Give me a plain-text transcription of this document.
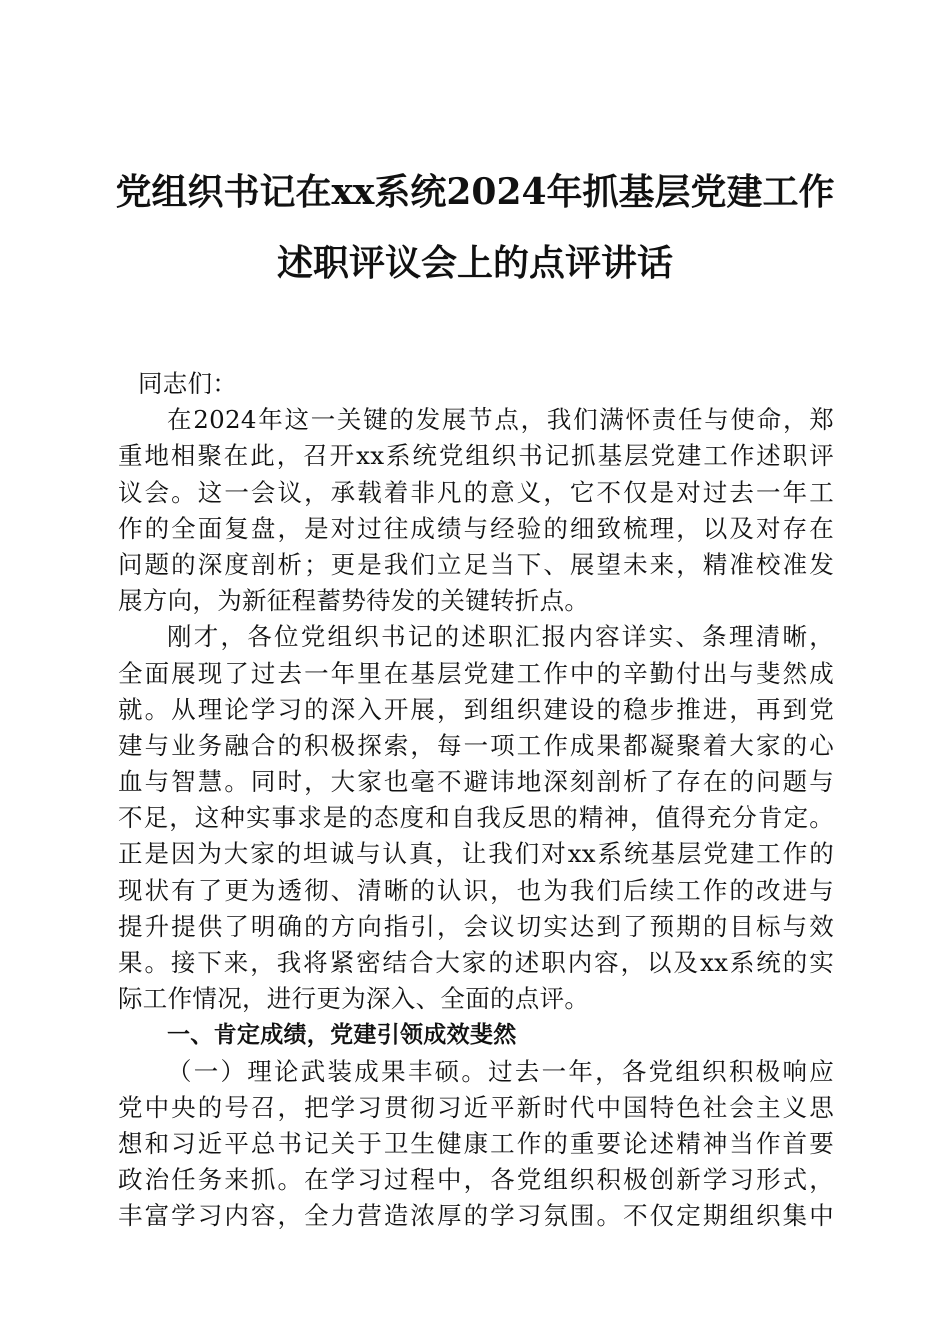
党组织书记在xx系统2024年抓基层党建工作
述职评议会上的点评讲话
同志们：
在2024年这一关键的发展节点，我们满怀责任与使命，郑
重地相聚在此，召开xx系统党组织书记抓基层党建工作述职评
议会。这一会议，承载着非凡的意义，它不仅是对过去一年工
作的全面复盘，是对过往成绩与经验的细致梳理，以及对存在
问题的深度剖析；更是我们立足当下、展望未来，精准校准发
展方向，为新征程蓄势待发的关键转折点。
刚才，各位党组织书记的述职汇报内容详实、条理清晰，
全面展现了过去一年里在基层党建工作中的辛勤付出与斐然成
就。从理论学习的深入开展，到组织建设的稳步推进，再到党
建与业务融合的积极探索，每一项工作成果都凝聚着大家的心
血与智慧。同时，大家也毫不避讳地深刻剖析了存在的问题与
不足，这种实事求是的态度和自我反思的精神，值得充分肯定。
正是因为大家的坦诚与认真，让我们对xx系统基层党建工作的
现状有了更为透彻、清晰的认识，也为我们后续工作的改进与
提升提供了明确的方向指引，会议切实达到了预期的目标与效
果。接下来，我将紧密结合大家的述职内容，以及xx系统的实
际工作情况，进行更为深入、全面的点评。
一、肯定成绩，党建引领成效斐然
（一）理论武装成果丰硕。过去一年，各党组织积极响应
党中央的号召，把学习贯彻习近平新时代中国特色社会主义思
想和习近平总书记关于卫生健康工作的重要论述精神当作首要
政治任务来抓。在学习过程中，各党组织积极创新学习形式，
丰富学习内容，全力营造浓厚的学习氛围。不仅定期组织集中
